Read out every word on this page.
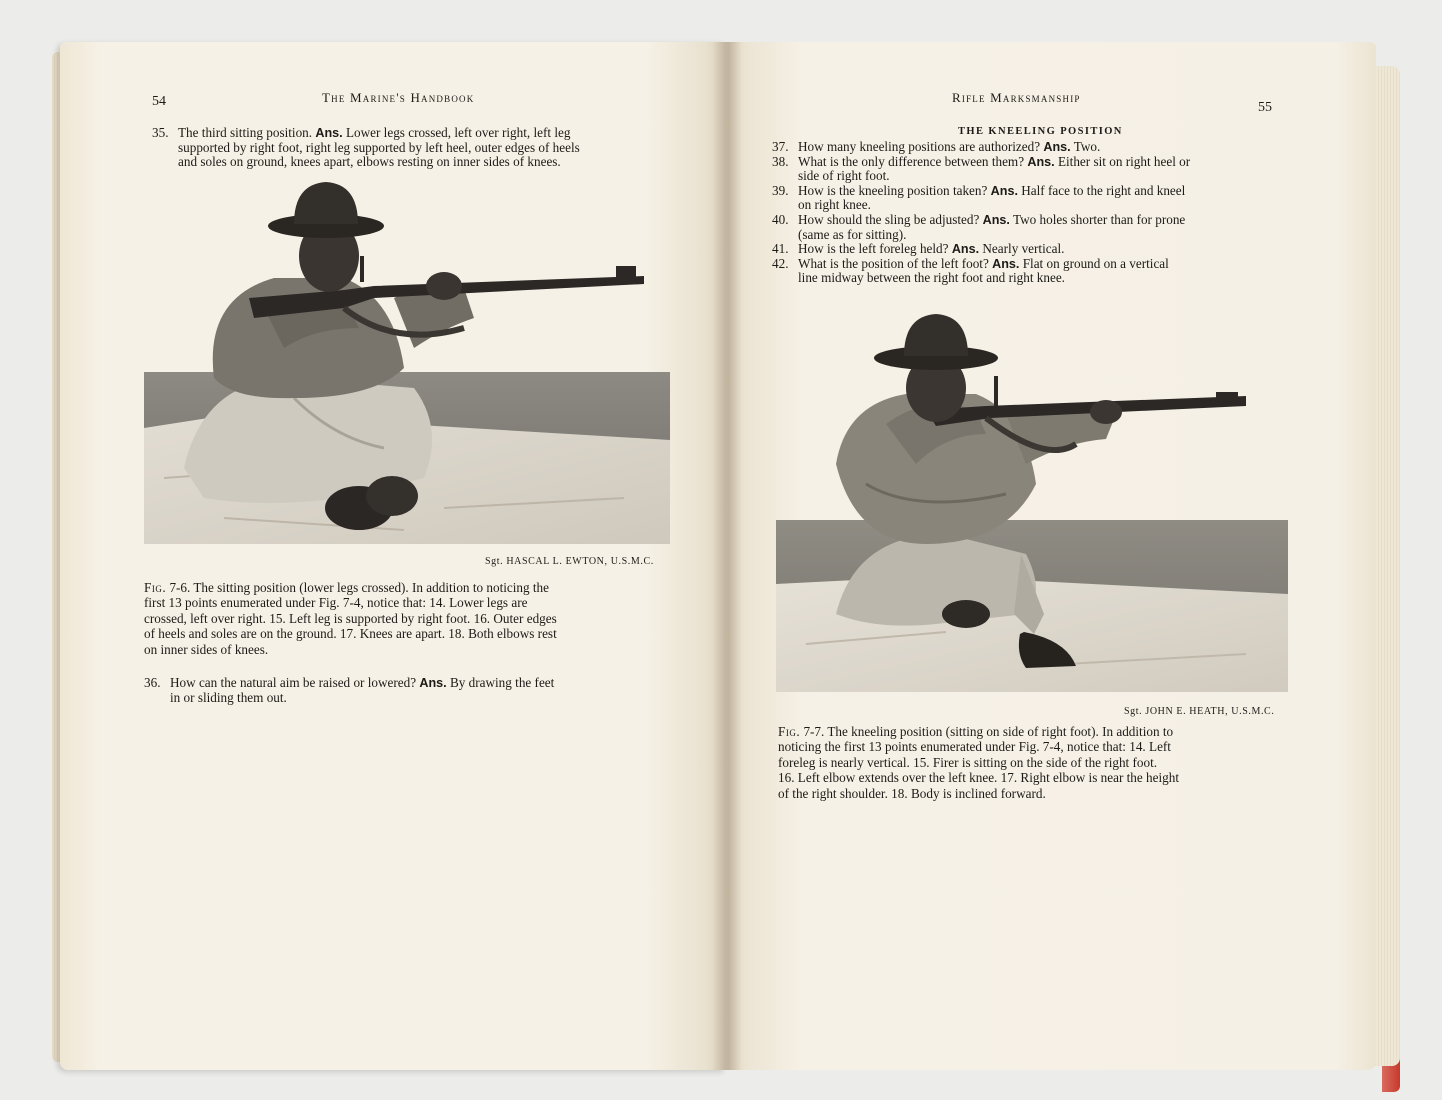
54	The Marine's Handbook
35. The third sitting position. Ans. Lower legs crossed, left over right, left leg
supported by right foot, right leg supported by left heel, outer edges of heels
and soles on ground, knees apart, elbows resting on inner sides of knees.
Sgt. HASCAL L. EWTON, U.S.M.C.
Fig. 7-6. The sitting position (lower legs crossed). In addition to noticing the
first 13 points enumerated under Fig. 7-4, notice that: 14. Lower legs are
crossed, left over right. 15. Left leg is supported by right foot. 16. Outer edges
of heels and soles are on the ground. 17. Knees are apart. 18. Both elbows rest
on inner sides of knees.
36. How can the natural aim be raised or lowered? Ans. By drawing the feet
in or sliding them out.
Rifle Marksmanship
55
THE KNEELING POSITION
37. How many kneeling positions are authorized? Ans. Two.
38. What is the only difference between them? Ans. Either sit on right heel or
side of right foot.
39. How is the kneeling position taken? Ans. Half face to the right and kneel
on right knee.
40. How should the sling be adjusted? Ans. Two holes shorter than for prone
(same as for sitting).
41. How is the left foreleg held? Ans. Nearly vertical.
42. What is the position of the left foot? Ans. Flat on ground on a vertical
line midway between the right foot and right knee.
Sgt. JOHN E. HEATH, U.S.M.C.
Fig. 7-7. The kneeling position (sitting on side of right foot). In addition to
noticing the first 13 points enumerated under Fig. 7-4, notice that: 14. Left
foreleg is nearly vertical. 15. Firer is sitting on the side of the right foot.
16. Left elbow extends over the left knee. 17. Right elbow is near the height
of the right shoulder. 18. Body is inclined forward.
